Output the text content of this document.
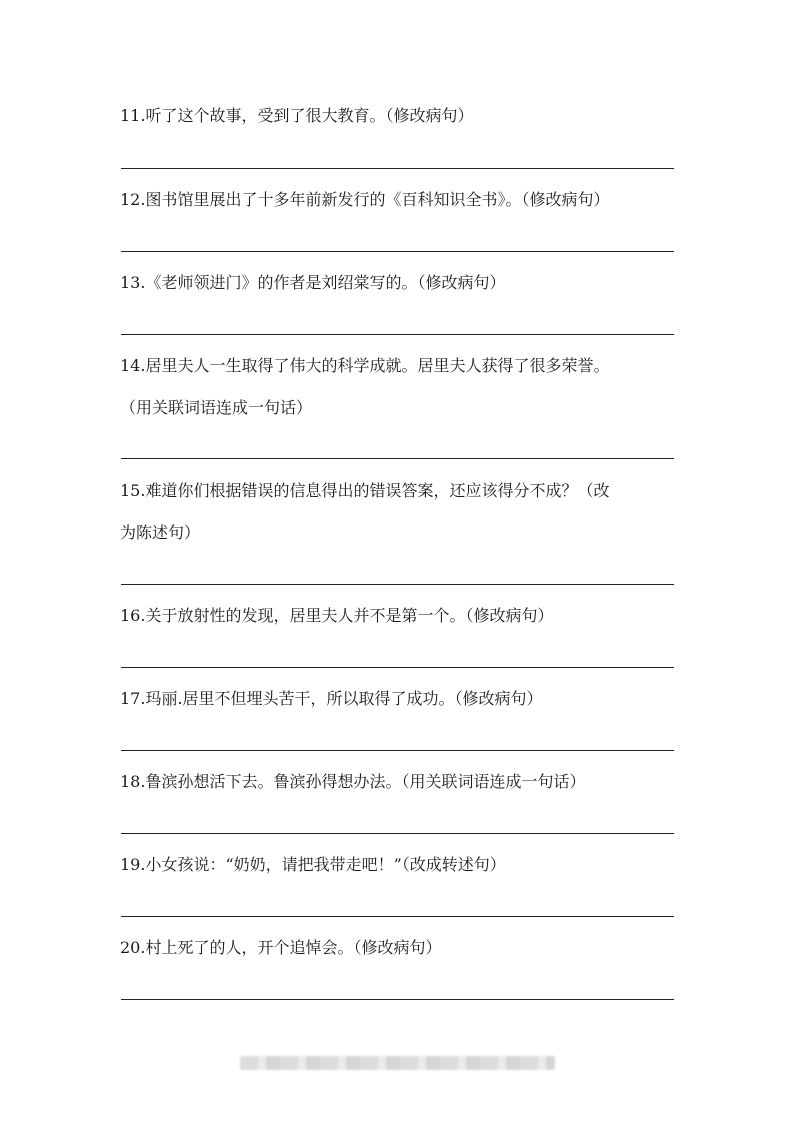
11.听了这个故事，受到了很大教育。（修改病句）
12.图书馆里展出了十多年前新发行的《百科知识全书》。（修改病句）
13.《老师领进门》的作者是刘绍棠写的。（修改病句）
14.居里夫人一生取得了伟大的科学成就。居里夫人获得了很多荣誉。
（用关联词语连成一句话）
15.难道你们根据错误的信息得出的错误答案，还应该得分不成？（改
为陈述句）
16.关于放射性的发现，居里夫人并不是第一个。（修改病句）
17.玛丽.居里不但埋头苦干，所以取得了成功。（修改病句）
18.鲁滨孙想活下去。鲁滨孙得想办法。（用关联词语连成一句话）
19.小女孩说：“奶奶，请把我带走吧！”（改成转述句）
20.村上死了的人，开个追悼会。（修改病句）
